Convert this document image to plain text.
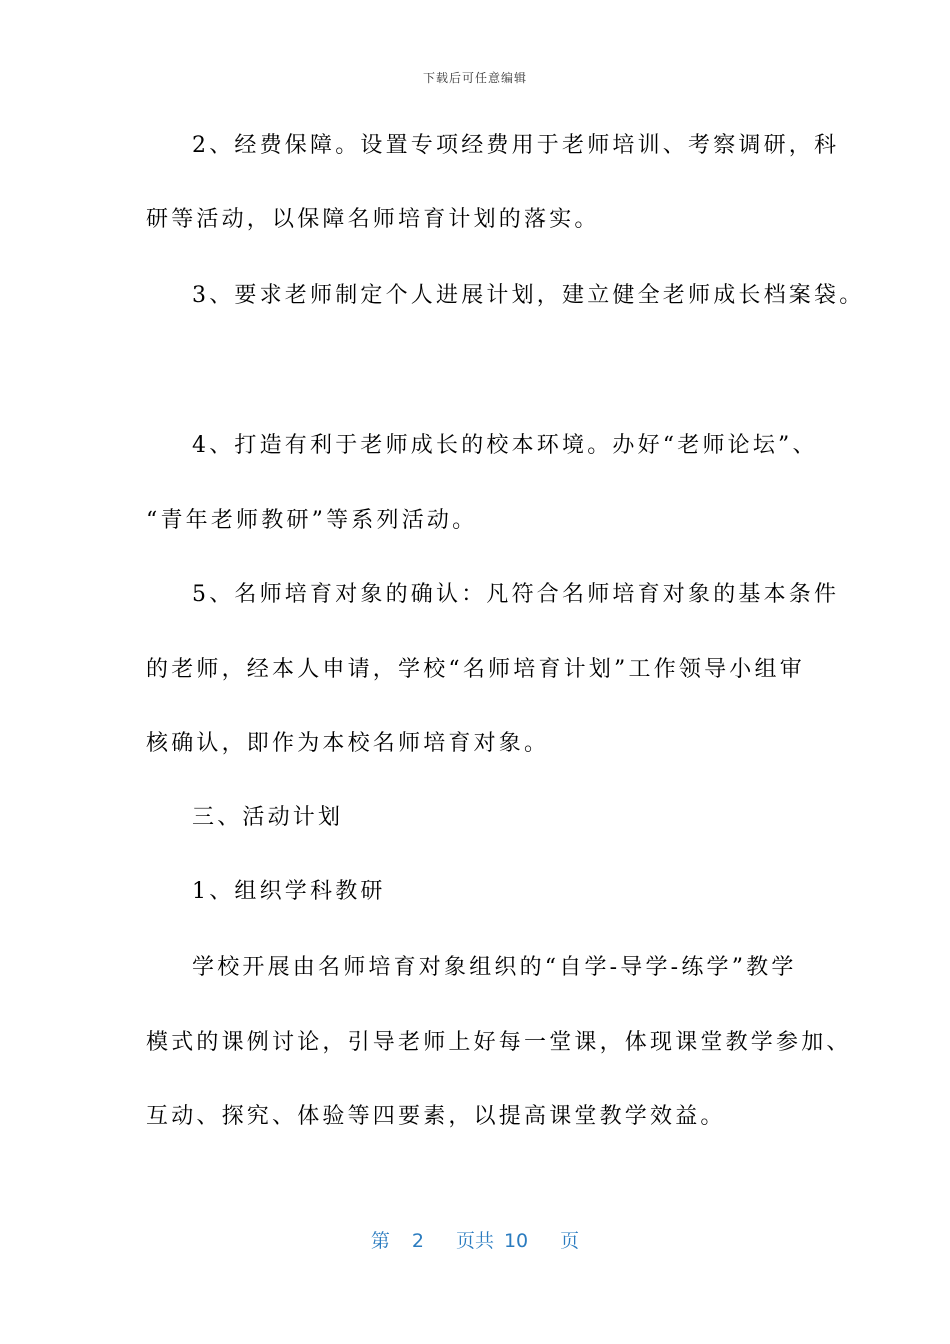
下载后可任意编辑
2、经费保障。设置专项经费用于老师培训、考察调研，科
研等活动，以保障名师培育计划的落实。
3、要求老师制定个人进展计划，建立健全老师成长档案袋。
4、打造有利于老师成长的校本环境。办好“老师论坛”、
“青年老师教研”等系列活动。
5、名师培育对象的确认：凡符合名师培育对象的基本条件
的老师，经本人申请，学校“名师培育计划”工作领导小组审
核确认，即作为本校名师培育对象。
三、活动计划
1、组织学科教研
学校开展由名师培育对象组织的“自学-导学-练学”教学
模式的课例讨论，引导老师上好每一堂课，体现课堂教学参加、
互动、探究、体验等四要素，以提高课堂教学效益。
第 2 页共 10 页
